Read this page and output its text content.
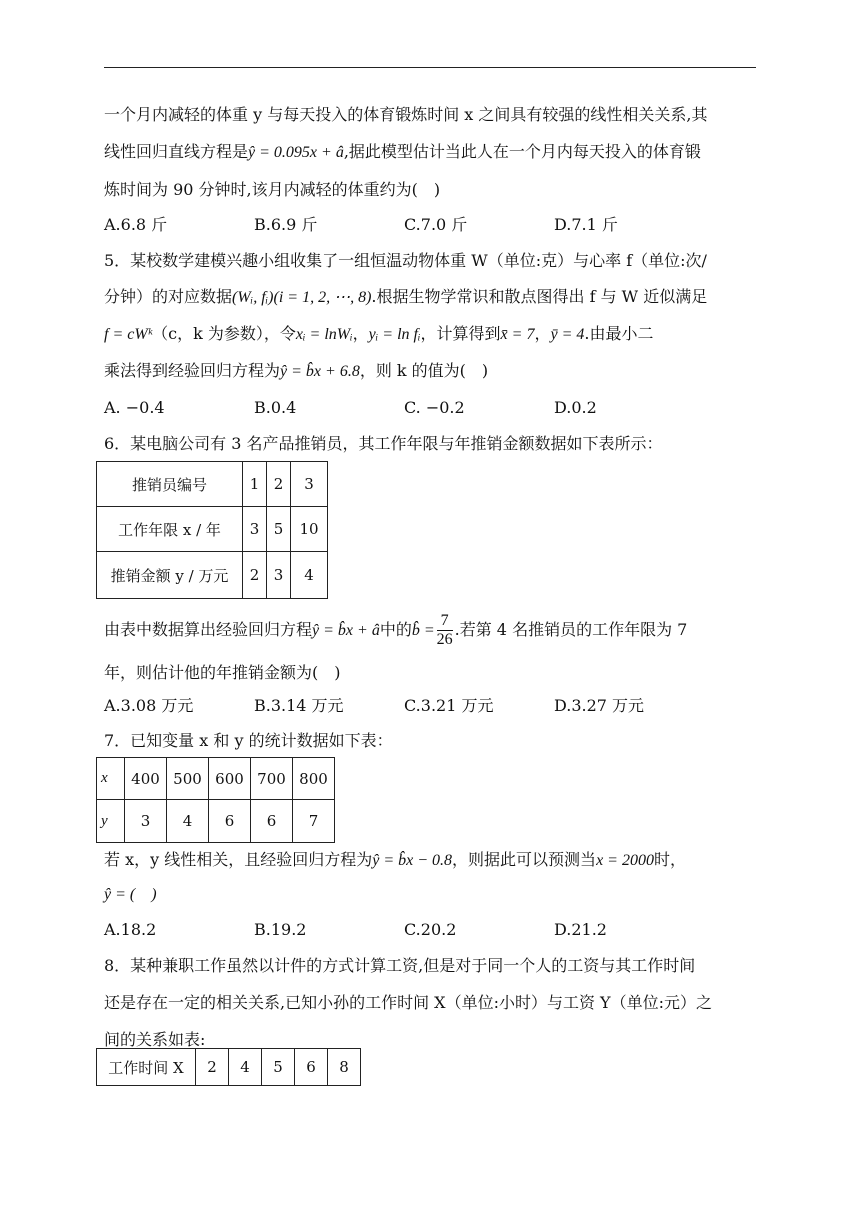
一个月内减轻的体重 y 与每天投入的体育锻炼时间 x 之间具有较强的线性相关关系,其
线性回归直线方程是ŷ = 0.095x + â,据此模型估计当此人在一个月内每天投入的体育锻
炼时间为 90 分钟时,该月内减轻的体重约为(　)
A.6.8 斤	B.6.9 斤	C.7.0 斤	D.7.1 斤
5．某校数学建模兴趣小组收集了一组恒温动物体重 W（单位:克）与心率 f（单位:次/
分钟）的对应数据(Wᵢ, fᵢ)(i = 1, 2, ⋯, 8).根据生物学常识和散点图得出 f 与 W 近似满足
f = cWᵏ（c，k 为参数），令xᵢ = lnWᵢ，yᵢ = ln fᵢ，计算得到x̄ = 7，ȳ = 4.由最小二
乘法得到经验回归方程为ŷ = b̂x + 6.8，则 k 的值为(　)
A. −0.4	B.0.4	C. −0.2	D.0.2
6．某电脑公司有 3 名产品推销员，其工作年限与年推销金额数据如下表所示：
推销员编号	1	2	3
工作年限 x / 年	3	5	10
推销金额 y / 万元	2	3	4
由表中数据算出经验回归方程ŷ = b̂x + â中的b̂ = $\frac{7}{26}$ .若第 4 名推销员的工作年限为 7
年，则估计他的年推销金额为(　)
A.3.08 万元	B.3.14 万元	C.3.21 万元	D.3.27 万元
7．已知变量 x 和 y 的统计数据如下表：
x	400	500	600	700	800
y	3	4	6	6	7
若 x，y 线性相关，且经验回归方程为ŷ = b̂x − 0.8，则据此可以预测当x = 2000时，
ŷ = (　)
A.18.2	B.19.2	C.20.2	D.21.2
8．某种兼职工作虽然以计件的方式计算工资,但是对于同一个人的工资与其工作时间
还是存在一定的相关关系,已知小孙的工作时间 X（单位:小时）与工资 Y（单位:元）之
间的关系如表:
工作时间 X	2	4	5	6	8
